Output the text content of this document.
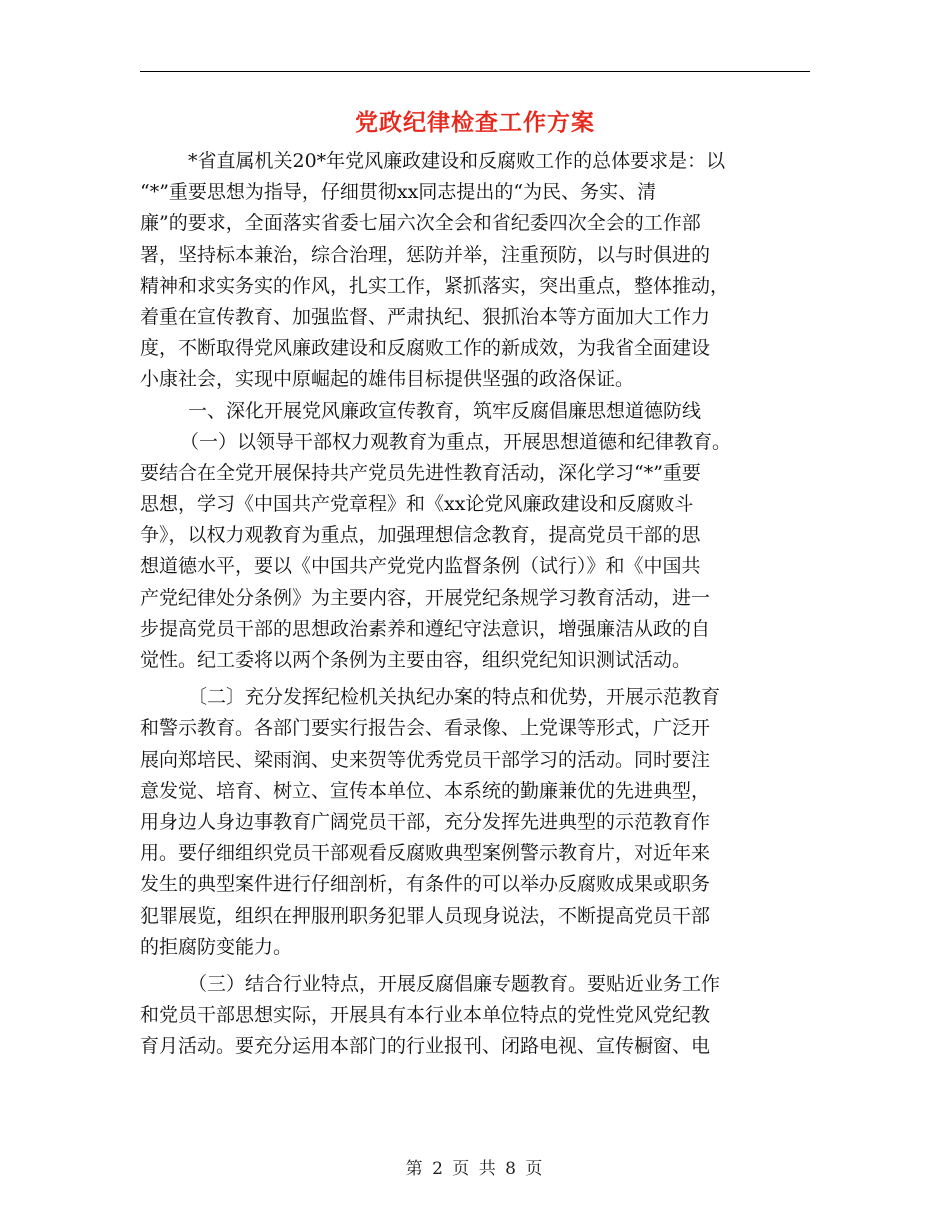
党政纪律检查工作方案
*省直属机关20*年党风廉政建设和反腐败工作的总体要求是：以
“*”重要思想为指导，仔细贯彻xx同志提出的“为民、务实、清
廉”的要求，全面落实省委七届六次全会和省纪委四次全会的工作部
署，坚持标本兼治，综合治理，惩防并举，注重预防，以与时俱进的
精神和求实务实的作风，扎实工作，紧抓落实，突出重点，整体推动，
着重在宣传教育、加强监督、严肃执纪、狠抓治本等方面加大工作力
度，不断取得党风廉政建设和反腐败工作的新成效，为我省全面建设
小康社会，实现中原崛起的雄伟目标提供坚强的政洛保证。
一、深化开展党风廉政宣传教育，筑牢反腐倡廉思想道德防线
（一）以领导干部权力观教育为重点，开展思想道德和纪律教育。
要结合在全党开展保持共产党员先进性教育活动，深化学习“*”重要
思想，学习《中国共产党章程》和《xx论党风廉政建设和反腐败斗
争》，以权力观教育为重点，加强理想信念教育，提高党员干部的思
想道德水平，要以《中国共产党党内监督条例（试行）》和《中国共
产党纪律处分条例》为主要内容，开展党纪条规学习教育活动，进一
步提高党员干部的思想政治素养和遵纪守法意识，增强廉洁从政的自
觉性。纪工委将以两个条例为主要由容，组织党纪知识测试活动。
〔二〕充分发挥纪检机关执纪办案的特点和优势，开展示范教育
和警示教育。各部门要实行报告会、看录像、上党课等形式，广泛开
展向郑培民、梁雨润、史来贺等优秀党员干部学习的活动。同时要注
意发觉、培育、树立、宣传本单位、本系统的勤廉兼优的先进典型，
用身边人身边事教育广阔党员干部，充分发挥先进典型的示范教育作
用。要仔细组织党员干部观看反腐败典型案例警示教育片，对近年来
发生的典型案件进行仔细剖析，有条件的可以举办反腐败成果或职务
犯罪展览，组织在押服刑职务犯罪人员现身说法，不断提高党员干部
的拒腐防变能力。
（三）结合行业特点，开展反腐倡廉专题教育。要贴近业务工作
和党员干部思想实际，开展具有本行业本单位特点的党性党风党纪教
育月活动。要充分运用本部门的行业报刊、闭路电视、宣传橱窗、电
第 2 页 共 8 页
